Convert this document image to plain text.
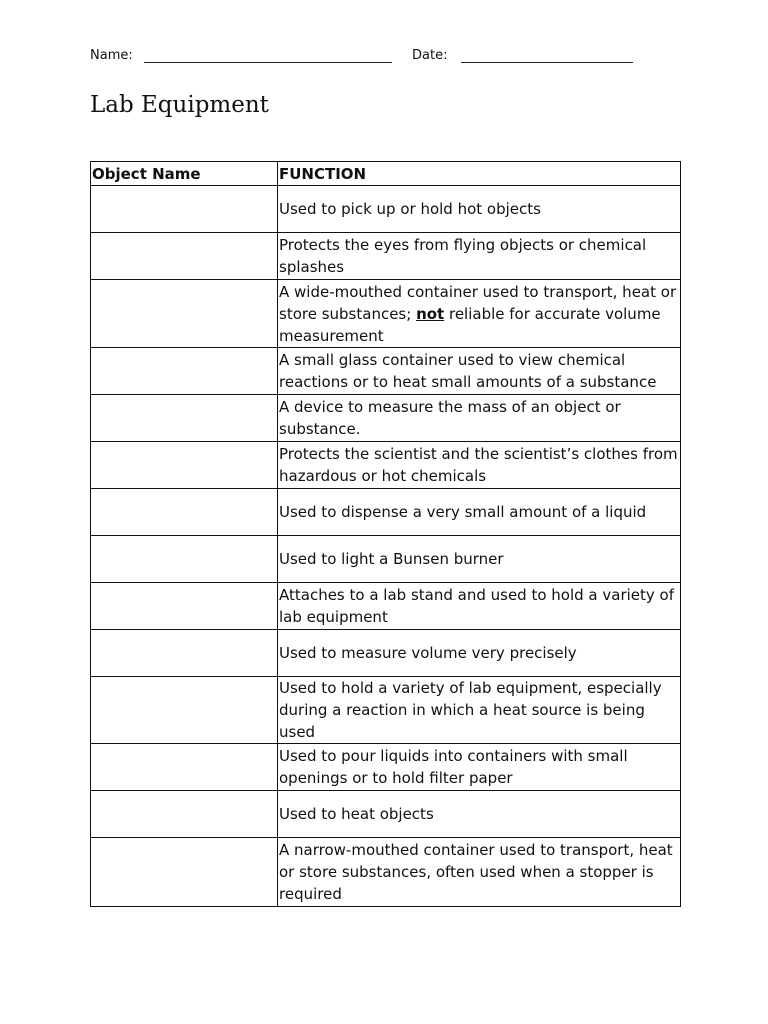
Name:	Date:
Lab Equipment
Object Name	FUNCTION
	Used to pick up or hold hot objects
	Protects the eyes from flying objects or chemical splashes
	A wide-mouthed container used to transport, heat or store substances; not reliable for accurate volume measurement
	A small glass container used to view chemical reactions or to heat small amounts of a substance
	A device to measure the mass of an object or substance.
	Protects the scientist and the scientist’s clothes from hazardous or hot chemicals
	Used to dispense a very small amount of a liquid
	Used to light a Bunsen burner
	Attaches to a lab stand and used to hold a variety of lab equipment
	Used to measure volume very precisely
	Used to hold a variety of lab equipment, especially during a reaction in which a heat source is being used
	Used to pour liquids into containers with small openings or to hold filter paper
	Used to heat objects
	A narrow-mouthed container used to transport, heat or store substances, often used when a stopper is required
